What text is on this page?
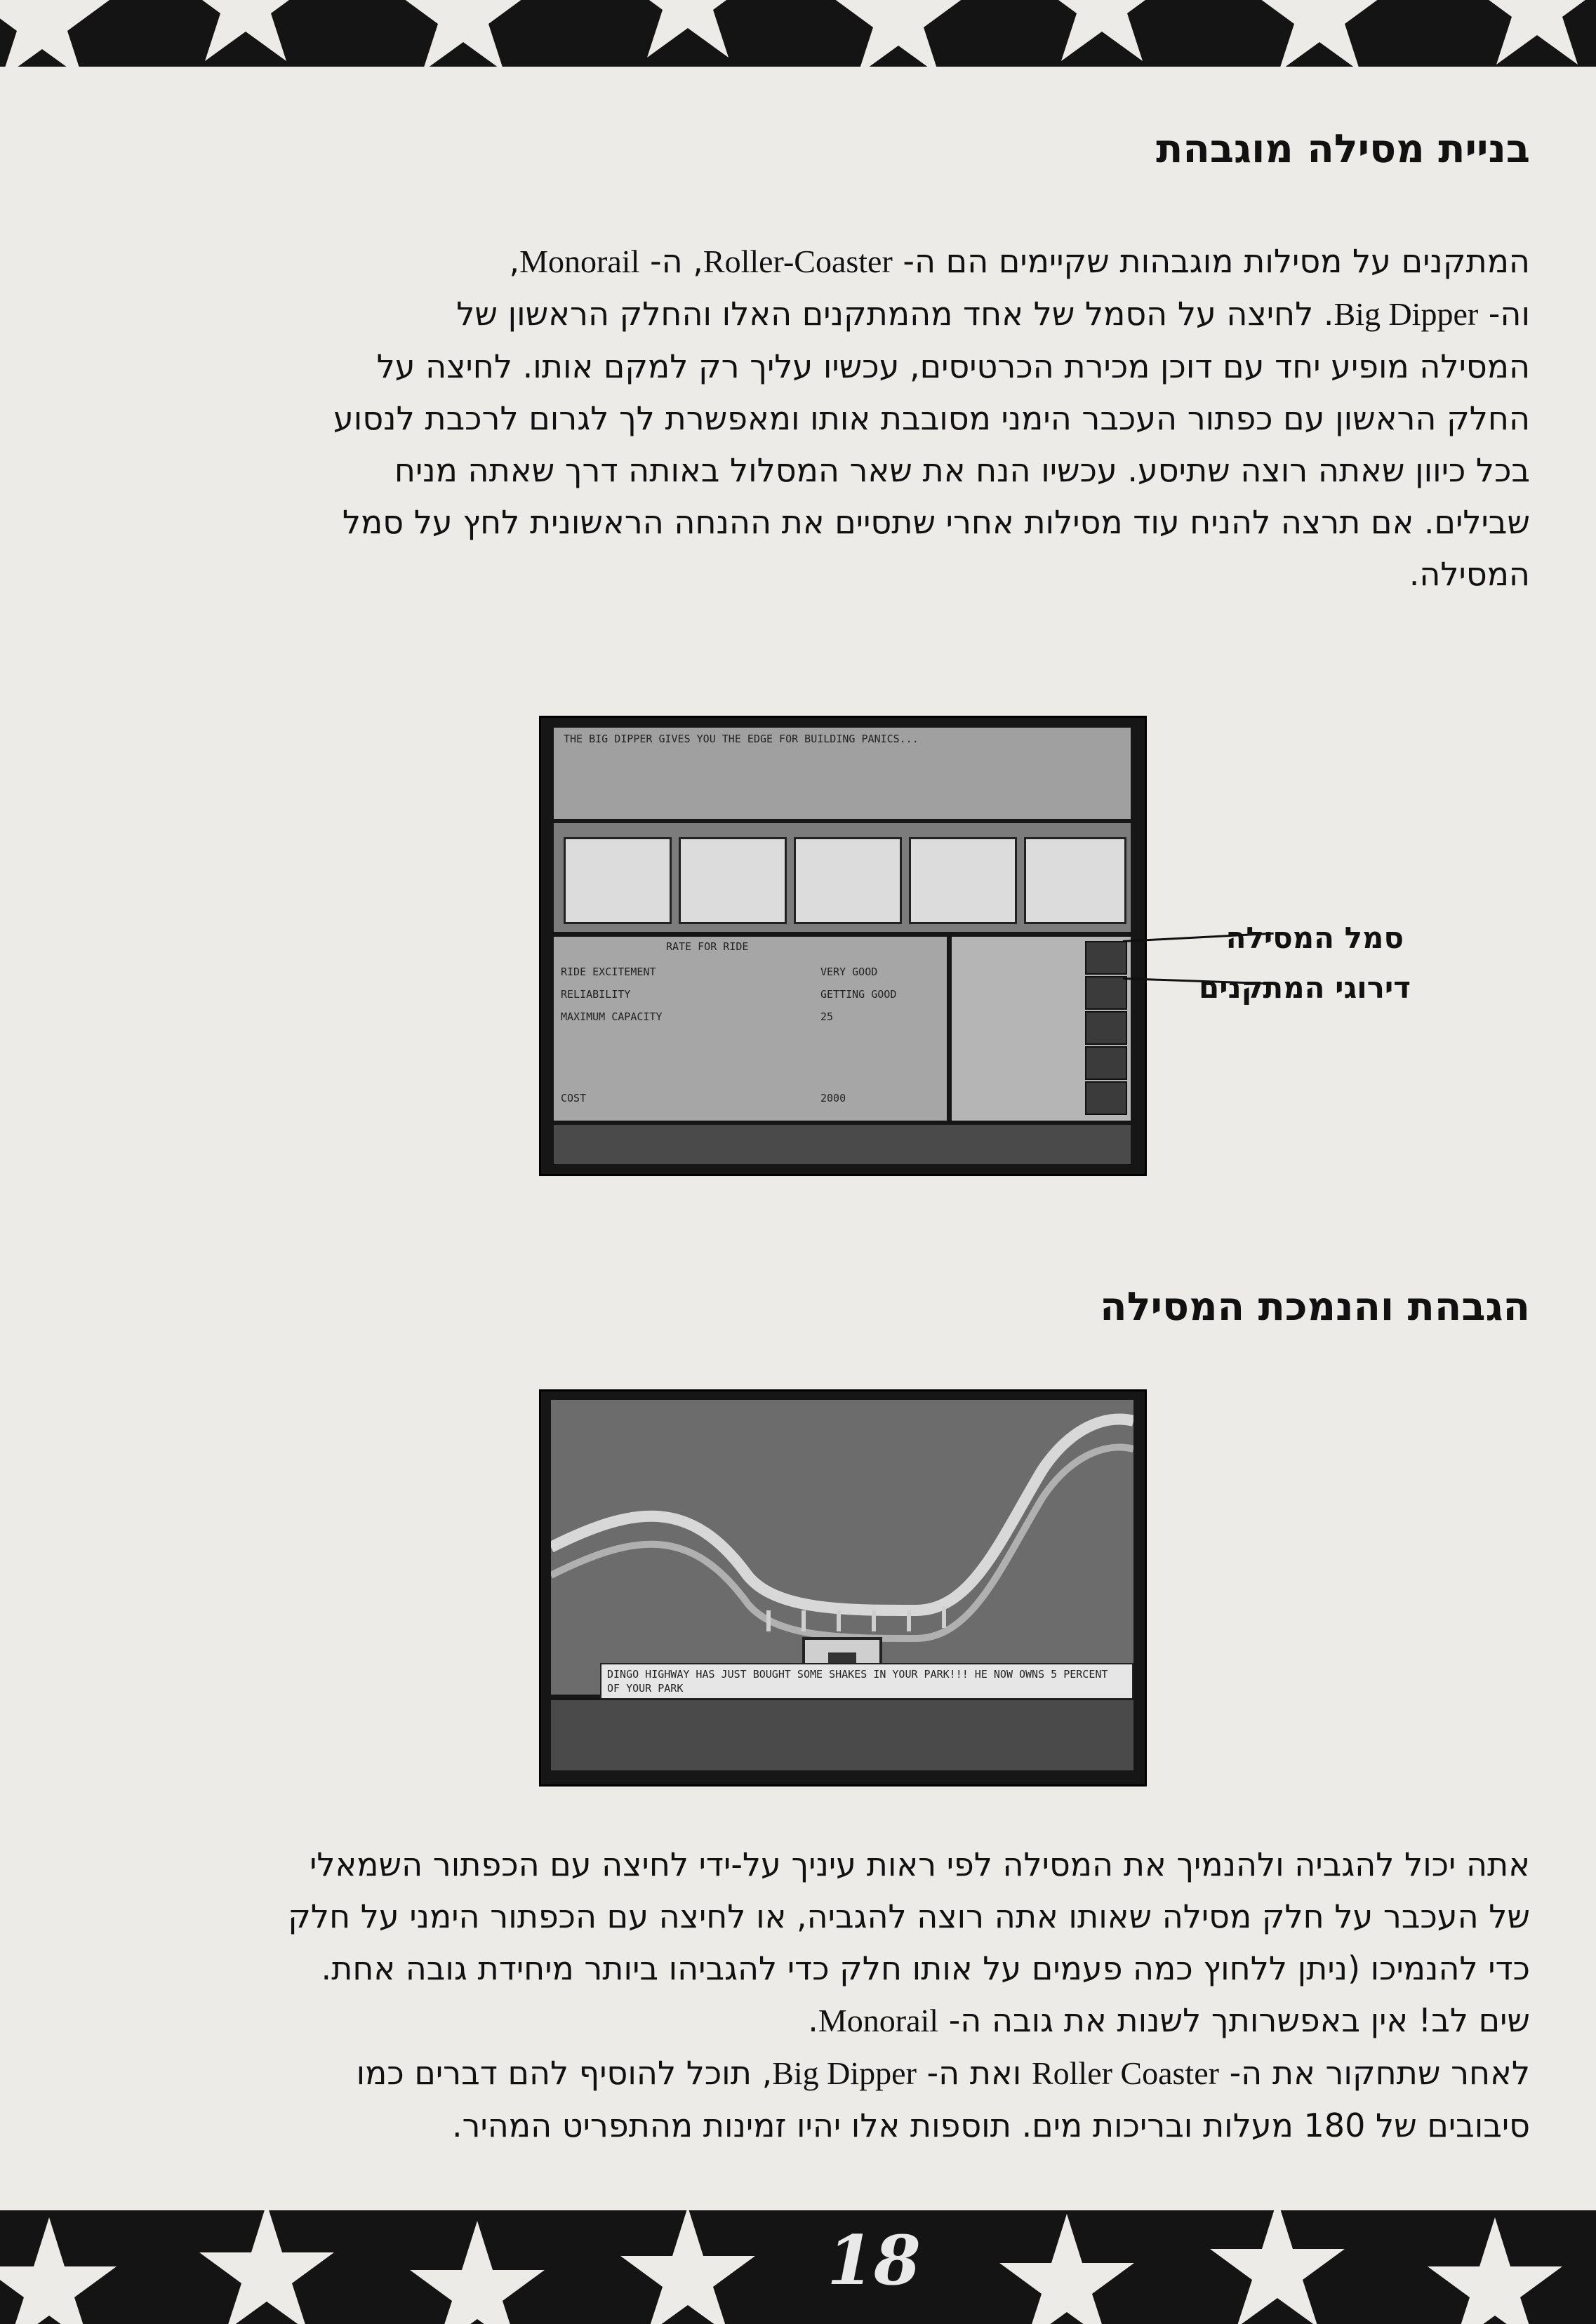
בניית מסילה מוגבהת
המתקנים על מסילות מוגבהות שקיימים הם ה- Roller-Coaster, ה- Monorail,
וה- Big Dipper. לחיצה על הסמל של אחד מהמתקנים האלו והחלק הראשון של
המסילה מופיע יחד עם דוכן מכירת הכרטיסים, עכשיו עליך רק למקם אותו. לחיצה על
החלק הראשון עם כפתור העכבר הימני מסובבת אותו ומאפשרת לך לגרום לרכבת לנסוע
בכל כיוון שאתה רוצה שתיסע. עכשיו הנח את שאר המסלול באותה דרך שאתה מניח
שבילים. אם תרצה להניח עוד מסילות אחרי שתסיים את ההנחה הראשונית לחץ על סמל
המסילה.
THE BIG DIPPER GIVES YOU THE EDGE FOR BUILDING PANICS...
RATE FOR RIDE
RIDE EXCITEMENT	VERY GOOD
RELIABILITY	GETTING GOOD
MAXIMUM CAPACITY	25
COST	2000
סמל המסילה
דירוגי המתקנים
הגבהת והנמכת המסילה
DINGO HIGHWAY HAS JUST BOUGHT SOME SHAKES IN YOUR PARK!!! HE NOW OWNS 5 PERCENT OF YOUR PARK
אתה יכול להגביה ולהנמיך את המסילה לפי ראות עיניך על-ידי לחיצה עם הכפתור השמאלי
של העכבר על חלק מסילה שאותו אתה רוצה להגביה, או לחיצה עם הכפתור הימני על חלק
כדי להנמיכו (ניתן ללחוץ כמה פעמים על אותו חלק כדי להגביהו ביותר מיחידת גובה אחת.
שים לב! אין באפשרותך לשנות את גובה ה- Monorail.
לאחר שתחקור את ה- Roller Coaster ואת ה- Big Dipper, תוכל להוסיף להם דברים כמו
סיבובים של 180 מעלות ובריכות מים. תוספות אלו יהיו זמינות מהתפריט המהיר.
18
